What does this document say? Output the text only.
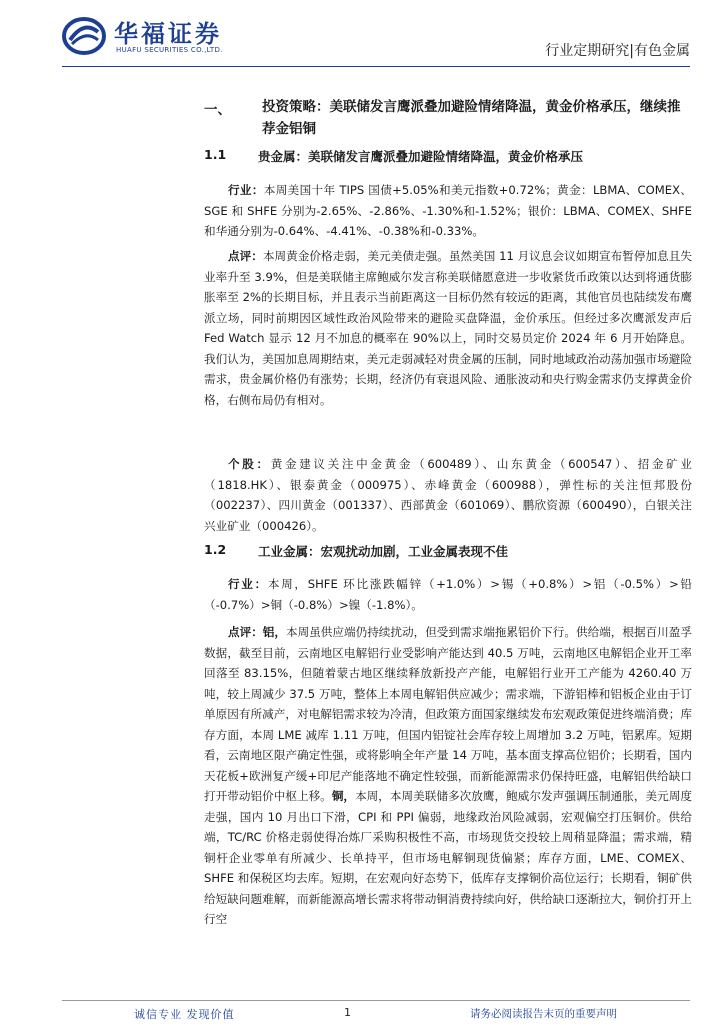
华福证券
HUAFU SECURITIES CO.,LTD.	行业定期研究|有色金属
一、 投资策略：美联储发言鹰派叠加避险情绪降温，黄金价格承压，继续推荐金铝铜
1.1	贵金属：美联储发言鹰派叠加避险情绪降温，黄金价格承压
行业：本周美国十年 TIPS 国债+5.05%和美元指数+0.72%；黄金：LBMA、COMEX、SGE 和 SHFE 分别为-2.65%、-2.86%、-1.30%和-1.52%；银价：LBMA、COMEX、SHFE 和华通分别为-0.64%、-4.41%、-0.38%和-0.33%。
点评：本周黄金价格走弱，美元美债走强。虽然美国 11 月议息会议如期宣布暂停加息且失业率升至 3.9%，但是美联储主席鲍威尔发言称美联储愿意进一步收紧货币政策以达到将通货膨胀率至 2%的长期目标，并且表示当前距离这一目标仍然有较远的距离，其他官员也陆续发布鹰派立场，同时前期因区域性政治风险带来的避险买盘降温，金价承压。但经过多次鹰派发声后 Fed Watch 显示 12 月不加息的概率在 90%以上，同时交易员定价 2024 年 6 月开始降息。我们认为，美国加息周期结束，美元走弱减轻对贵金属的压制，同时地域政治动荡加强市场避险需求，贵金属价格仍有涨势；长期，经济仍有衰退风险、通胀波动和央行购金需求仍支撑黄金价格，右侧布局仍有相对。
个股：黄金建议关注中金黄金（600489）、山东黄金（600547）、招金矿业（1818.HK）、银泰黄金（000975）、赤峰黄金（600988），弹性标的关注恒邦股份（002237）、四川黄金（001337）、西部黄金（601069）、鹏欣资源（600490），白银关注兴业矿业（000426）。
1.2	工业金属：宏观扰动加剧，工业金属表现不佳
行业：本周，SHFE 环比涨跌幅锌（+1.0%）>锡（+0.8%）>铝（-0.5%）>铅（-0.7%）>铜（-0.8%）>镍（-1.8%）。
点评：铝，本周虽供应端仍持续扰动，但受到需求端拖累铝价下行。供给端，根据百川盈孚数据，截至目前，云南地区电解铝行业受影响产能达到 40.5 万吨，云南地区电解铝企业开工率回落至 83.15%，但随着蒙古地区继续释放新投产产能，电解铝行业开工产能为 4260.40 万吨，较上周减少 37.5 万吨，整体上本周电解铝供应减少；需求端，下游铝棒和铝板企业由于订单原因有所减产，对电解铝需求较为冷清，但政策方面国家继续发布宏观政策促进终端消费；库存方面，本周 LME 减库 1.11 万吨，但国内铝锭社会库存较上周增加 3.2 万吨，铝累库。短期看，云南地区限产确定性强，或将影响全年产量 14 万吨，基本面支撑高位铝价；长期看，国内天花板+欧洲复产缓+印尼产能落地不确定性较强，而新能源需求仍保持旺盛，电解铝供给缺口打开带动铝价中枢上移。铜，本周，本周美联储多次放鹰，鲍威尔发声强调压制通胀，美元周度走强，国内 10 月出口下滑，CPI 和 PPI 偏弱，地缘政治风险减弱，宏观偏空打压铜价。供给端，TC/RC 价格走弱使得冶炼厂采购积极性不高，市场现货交投较上周稍显降温；需求端，精铜杆企业零单有所减少、长单持平，但市场电解铜现货偏紧；库存方面，LME、COMEX、SHFE 和保税区均去库。短期，在宏观向好态势下，低库存支撑铜价高位运行；长期看，铜矿供给短缺问题难解，而新能源高增长需求将带动铜消费持续向好，供给缺口逐渐拉大，铜价打开上行空
诚信专业 发现价值	1	请务必阅读报告末页的重要声明
